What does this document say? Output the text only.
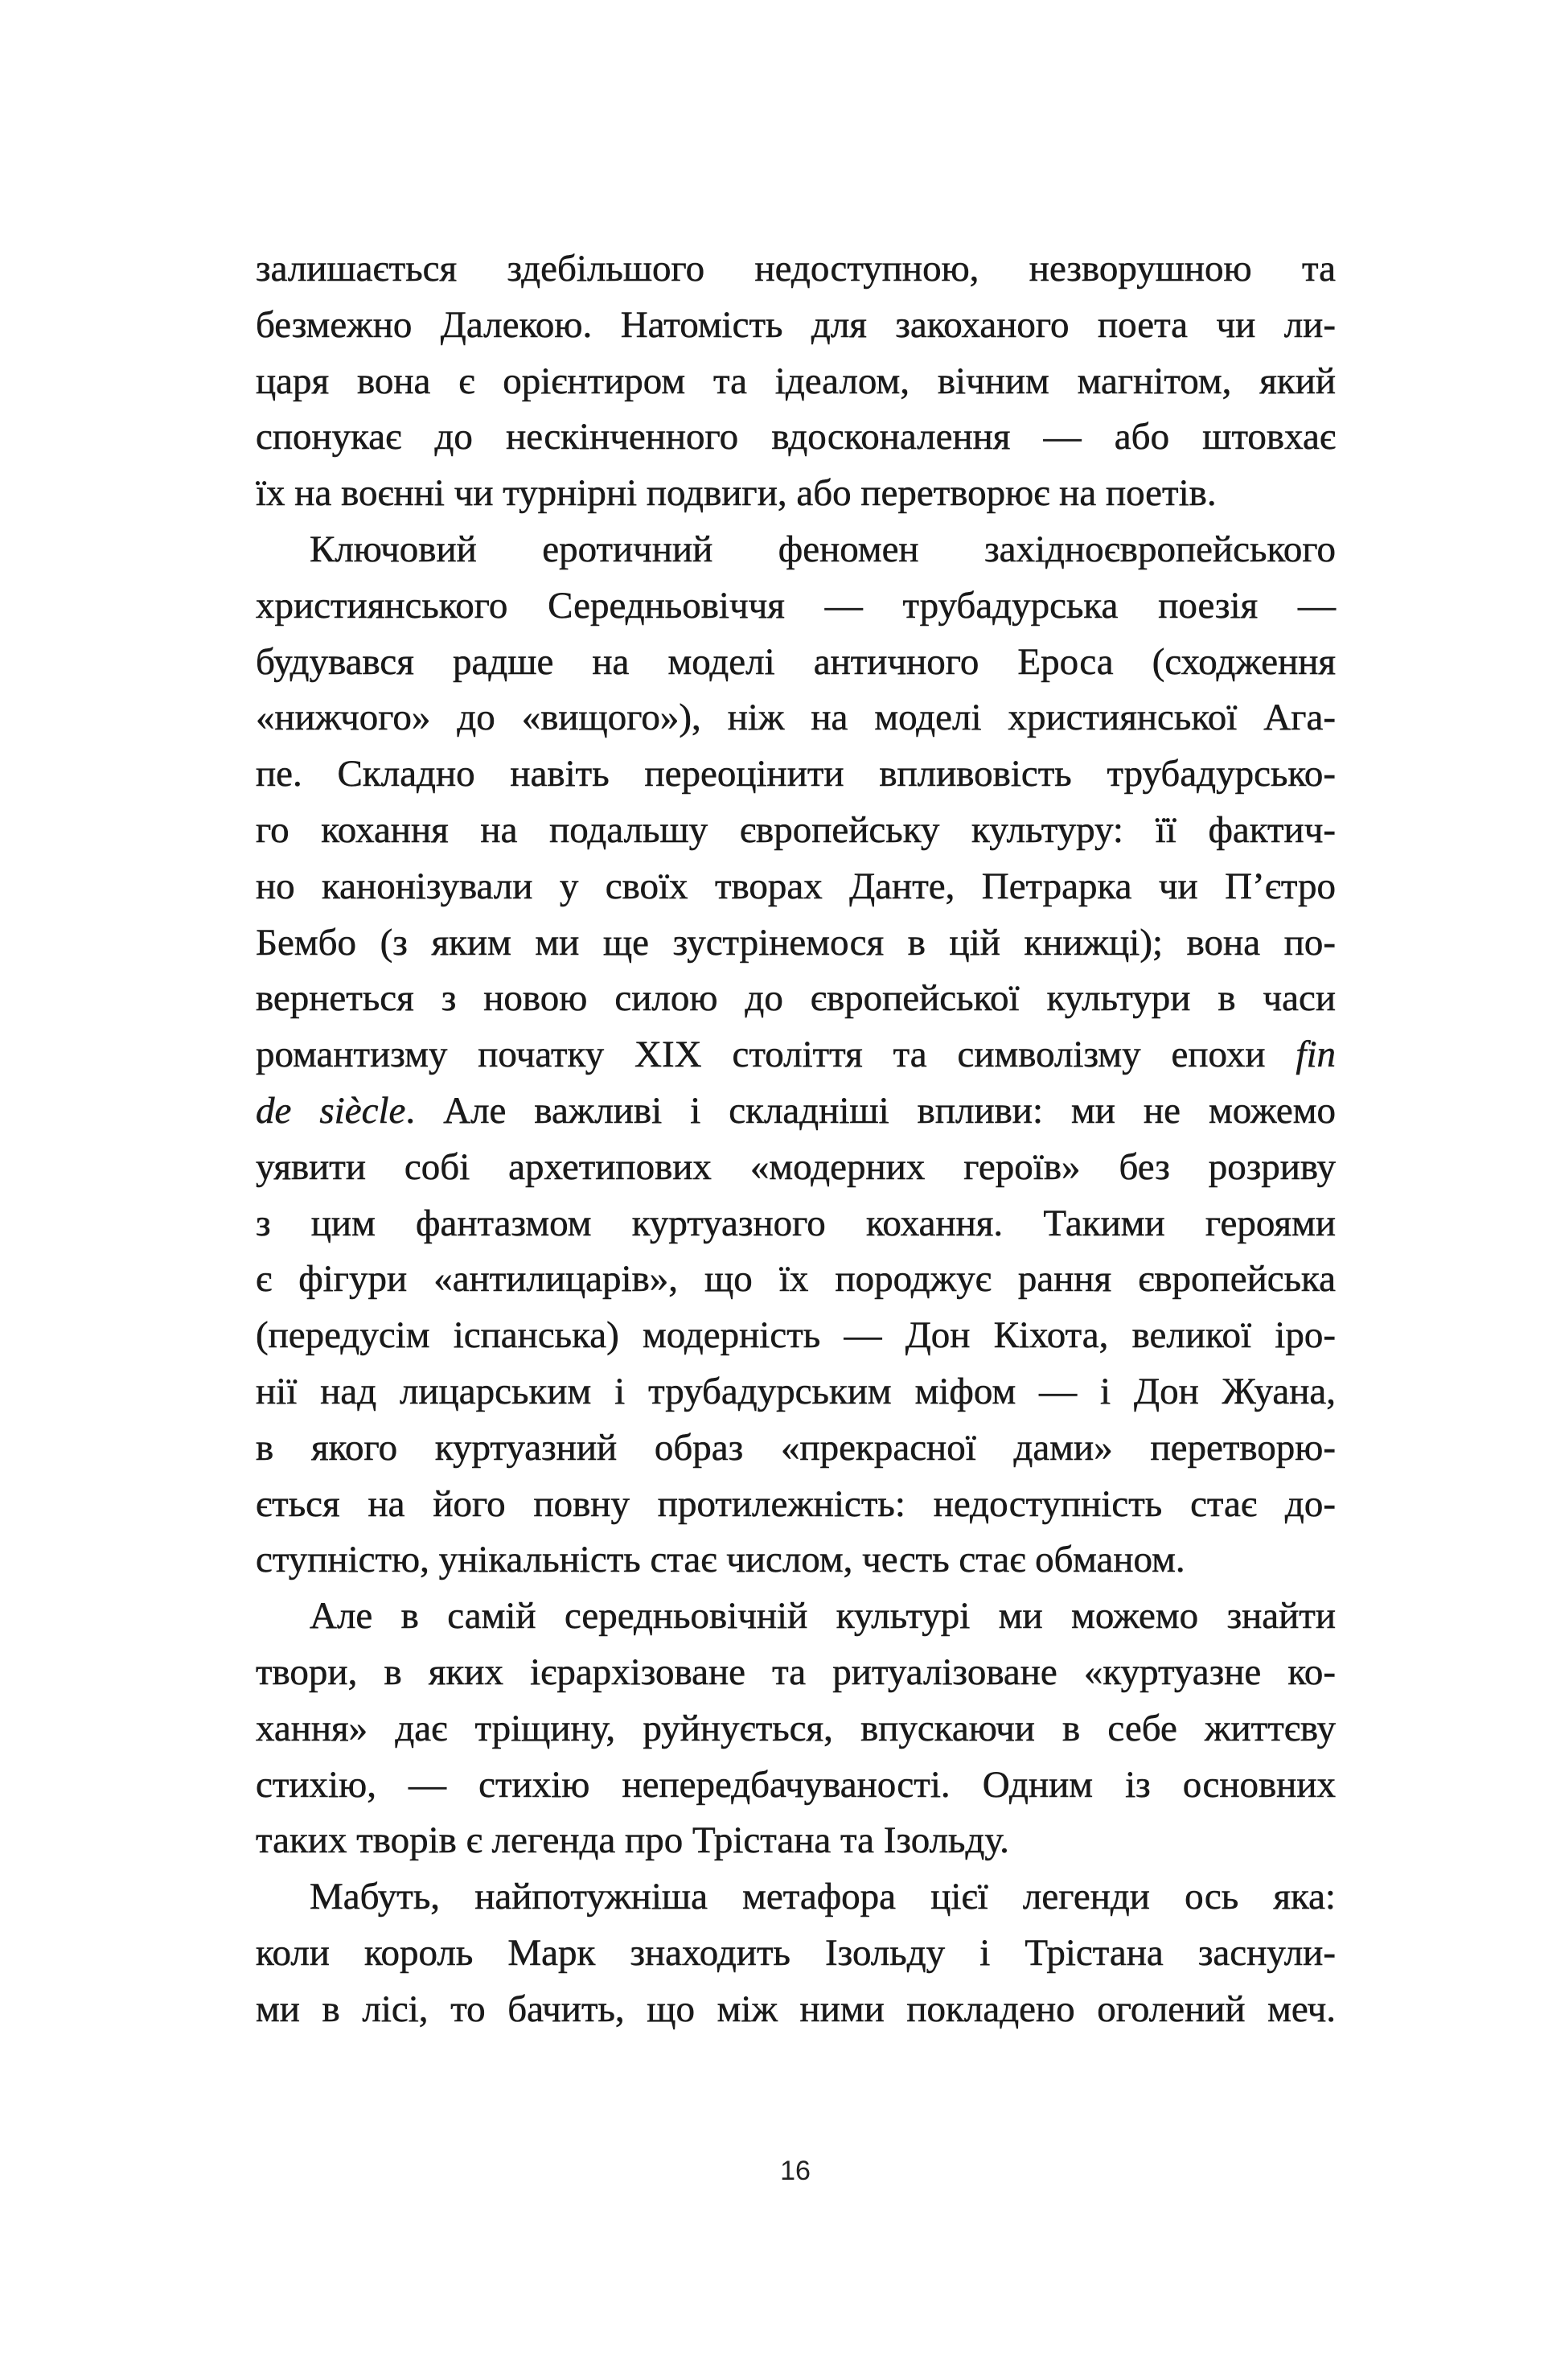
залишається здебільшого недоступною, незворушною та
безмежно Далекою. Натомість для закоханого поета чи ли-
царя вона є орієнтиром та ідеалом, вічним магнітом, який
спонукає до нескінченного вдосконалення — або штовхає
їх на воєнні чи турнірні подвиги, або перетворює на поетів.
Ключовий еротичний феномен західноєвропейського
християнського Середньовіччя — трубадурська поезія —
будувався радше на моделі античного Ероса (сходження
«нижчого» до «вищого»), ніж на моделі християнської Ага-
пе. Складно навіть переоцінити впливовість трубадурсько-
го кохання на подальшу європейську культуру: її фактич-
но канонізували у своїх творах Данте, Петрарка чи П’єтро
Бембо (з яким ми ще зустрінемося в цій книжці); вона по-
вернеться з новою силою до європейської культури в часи
романтизму початку XIX століття та символізму епохи fin
de siècle. Але важливі і складніші впливи: ми не можемо
уявити собі архетипових «модерних героїв» без розриву
з цим фантазмом куртуазного кохання. Такими героями
є фігури «антилицарів», що їх породжує рання європейська
(передусім іспанська) модерність — Дон Кіхота, великої іро-
нії над лицарським і трубадурським міфом — і Дон Жуана,
в якого куртуазний образ «прекрасної дами» перетворю-
ється на його повну протилежність: недоступність стає до-
ступністю, унікальність стає числом, честь стає обманом.
Але в самій середньовічній культурі ми можемо знайти
твори, в яких ієрархізоване та ритуалізоване «куртуазне ко-
хання» дає тріщину, руйнується, впускаючи в себе життєву
стихію, — стихію непередбачуваності. Одним із основних
таких творів є легенда про Трістана та Ізольду.
Мабуть, найпотужніша метафора цієї легенди ось яка:
коли король Марк знаходить Ізольду і Трістана заснули-
ми в лісі, то бачить, що між ними покладено оголений меч.
16
